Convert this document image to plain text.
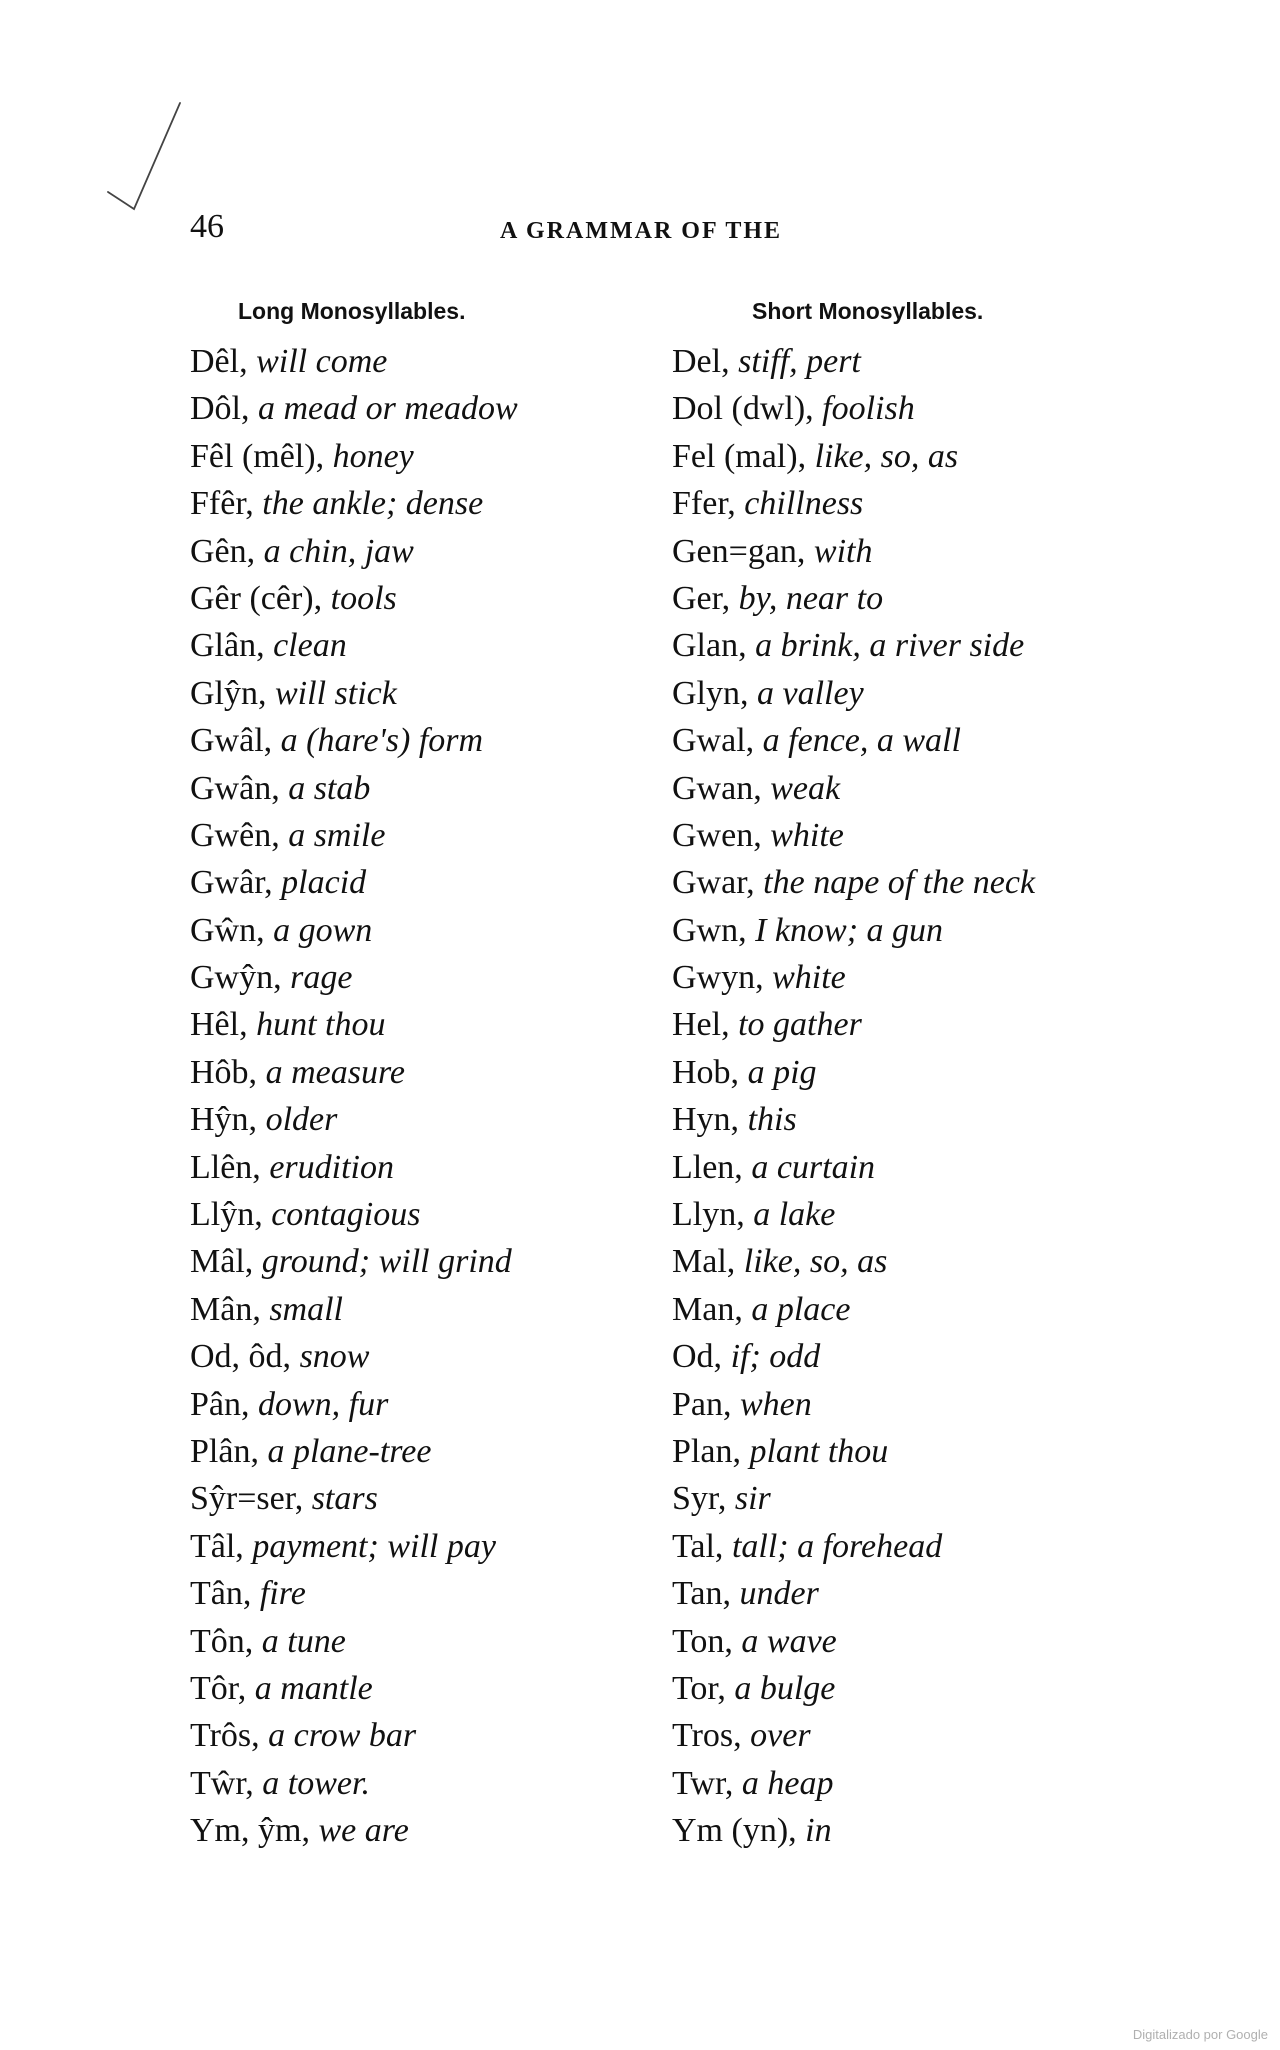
46	A GRAMMAR OF THE
Long Monosyllables.	Short Monosyllables.
Dêl, will come
Dôl, a mead or meadow
Fêl (mêl), honey
Ffêr, the ankle; dense
Gên, a chin, jaw
Gêr (cêr), tools
Glân, clean
Glŷn, will stick
Gwâl, a (hare's) form
Gwân, a stab
Gwên, a smile
Gwâr, placid
Gŵn, a gown
Gwŷn, rage
Hêl, hunt thou
Hôb, a measure
Hŷn, older
Llên, erudition
Llŷn, contagious
Mâl, ground; will grind
Mân, small
Od, ôd, snow
Pân, down, fur
Plân, a plane-tree
Sŷr=ser, stars
Tâl, payment; will pay
Tân, fire
Tôn, a tune
Tôr, a mantle
Trôs, a crow bar
Tŵr, a tower.
Ym, ŷm, we are
Del, stiff, pert
Dol (dwl), foolish
Fel (mal), like, so, as
Ffer, chillness
Gen=gan, with
Ger, by, near to
Glan, a brink, a river side
Glyn, a valley
Gwal, a fence, a wall
Gwan, weak
Gwen, white
Gwar, the nape of the neck
Gwn, I know; a gun
Gwyn, white
Hel, to gather
Hob, a pig
Hyn, this
Llen, a curtain
Llyn, a lake
Mal, like, so, as
Man, a place
Od, if; odd
Pan, when
Plan, plant thou
Syr, sir
Tal, tall; a forehead
Tan, under
Ton, a wave
Tor, a bulge
Tros, over
Twr, a heap
Ym (yn), in
Digitalizado por Google
